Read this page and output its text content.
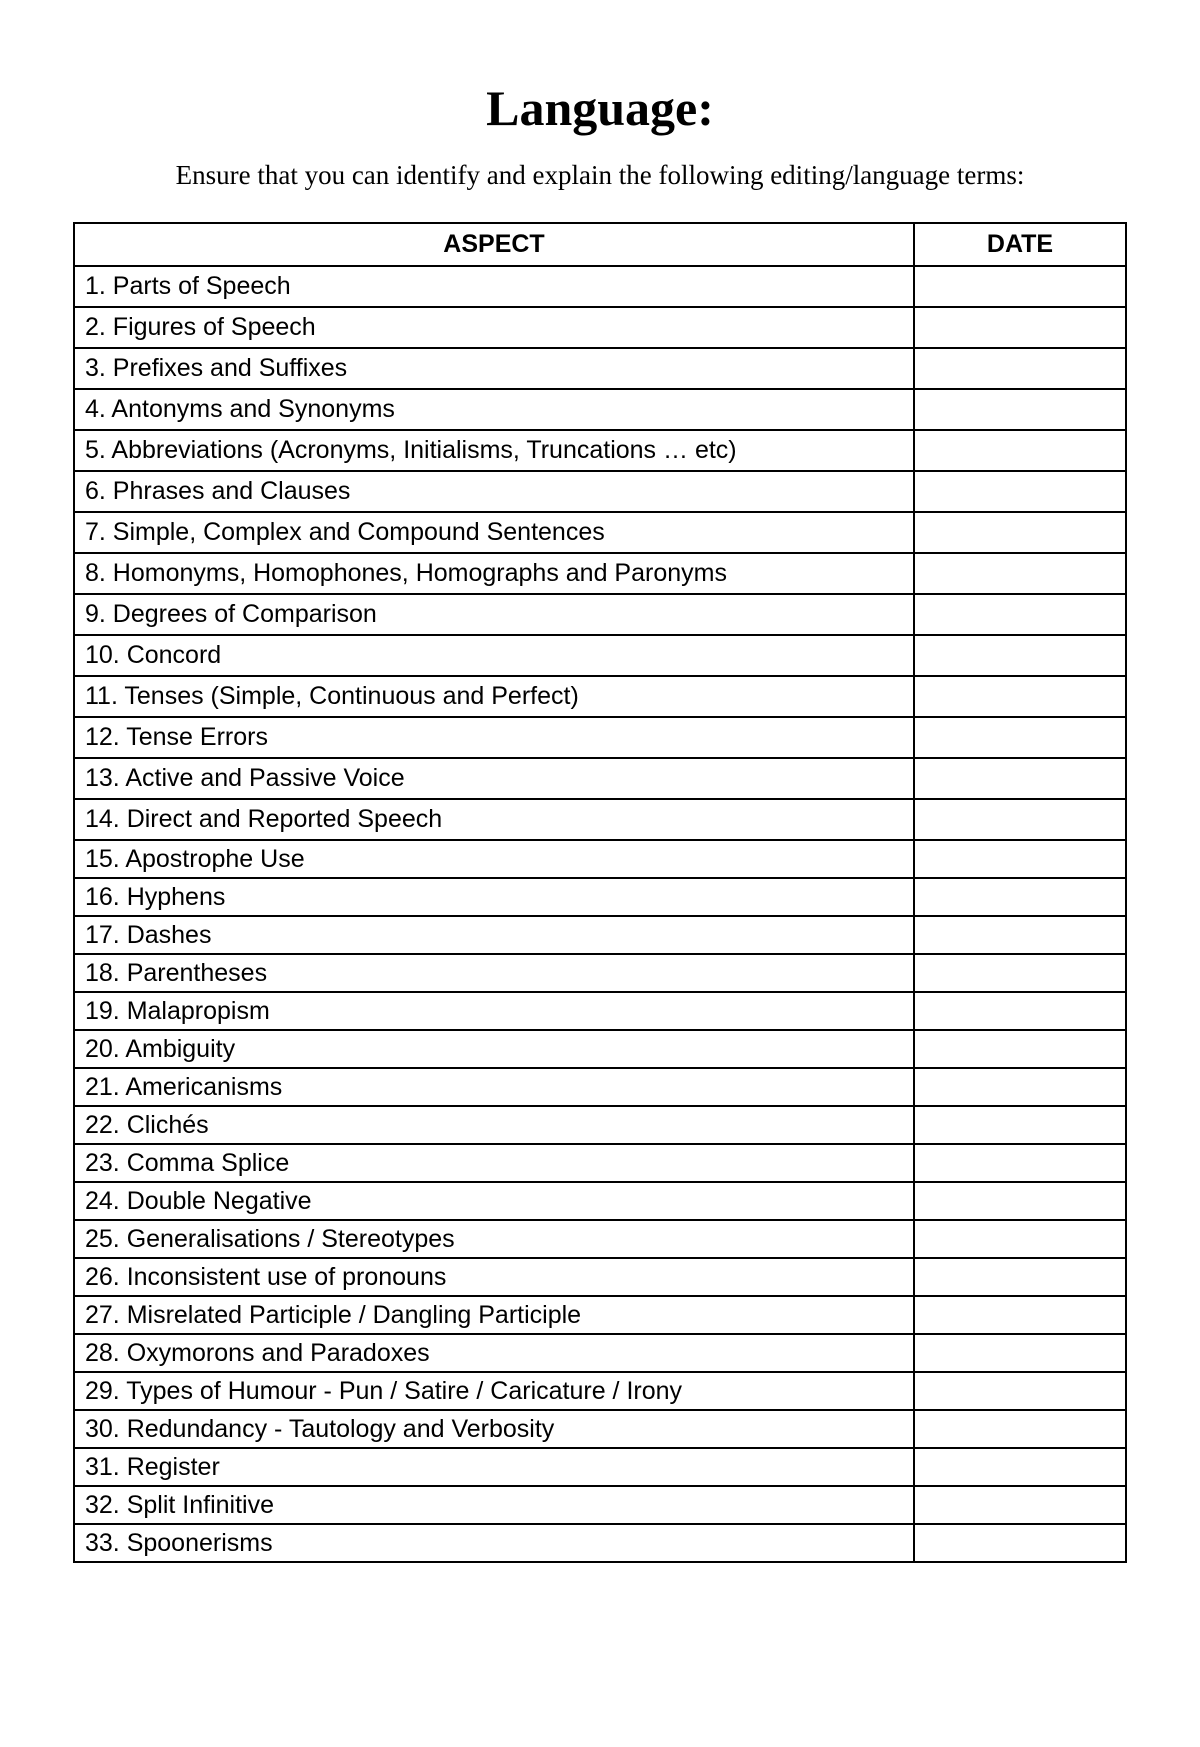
Language:

Ensure that you can identify and explain the following editing/language terms:

ASPECT	DATE
1. Parts of Speech	
2. Figures of Speech	
3. Prefixes and Suffixes	
4. Antonyms and Synonyms	
5. Abbreviations (Acronyms, Initialisms, Truncations … etc)	
6. Phrases and Clauses	
7. Simple, Complex and Compound Sentences	
8. Homonyms, Homophones, Homographs and Paronyms	
9. Degrees of Comparison	
10. Concord	
11. Tenses (Simple, Continuous and Perfect)	
12. Tense Errors	
13. Active and Passive Voice	
14. Direct and Reported Speech	
15. Apostrophe Use	
16. Hyphens	
17. Dashes	
18. Parentheses	
19. Malapropism	
20. Ambiguity	
21. Americanisms	
22. Clichés	
23. Comma Splice	
24. Double Negative	
25. Generalisations / Stereotypes	
26. Inconsistent use of pronouns	
27. Misrelated Participle / Dangling Participle	
28. Oxymorons and Paradoxes	
29. Types of Humour - Pun / Satire / Caricature / Irony	
30. Redundancy - Tautology and Verbosity	
31. Register	
32. Split Infinitive	
33. Spoonerisms	
